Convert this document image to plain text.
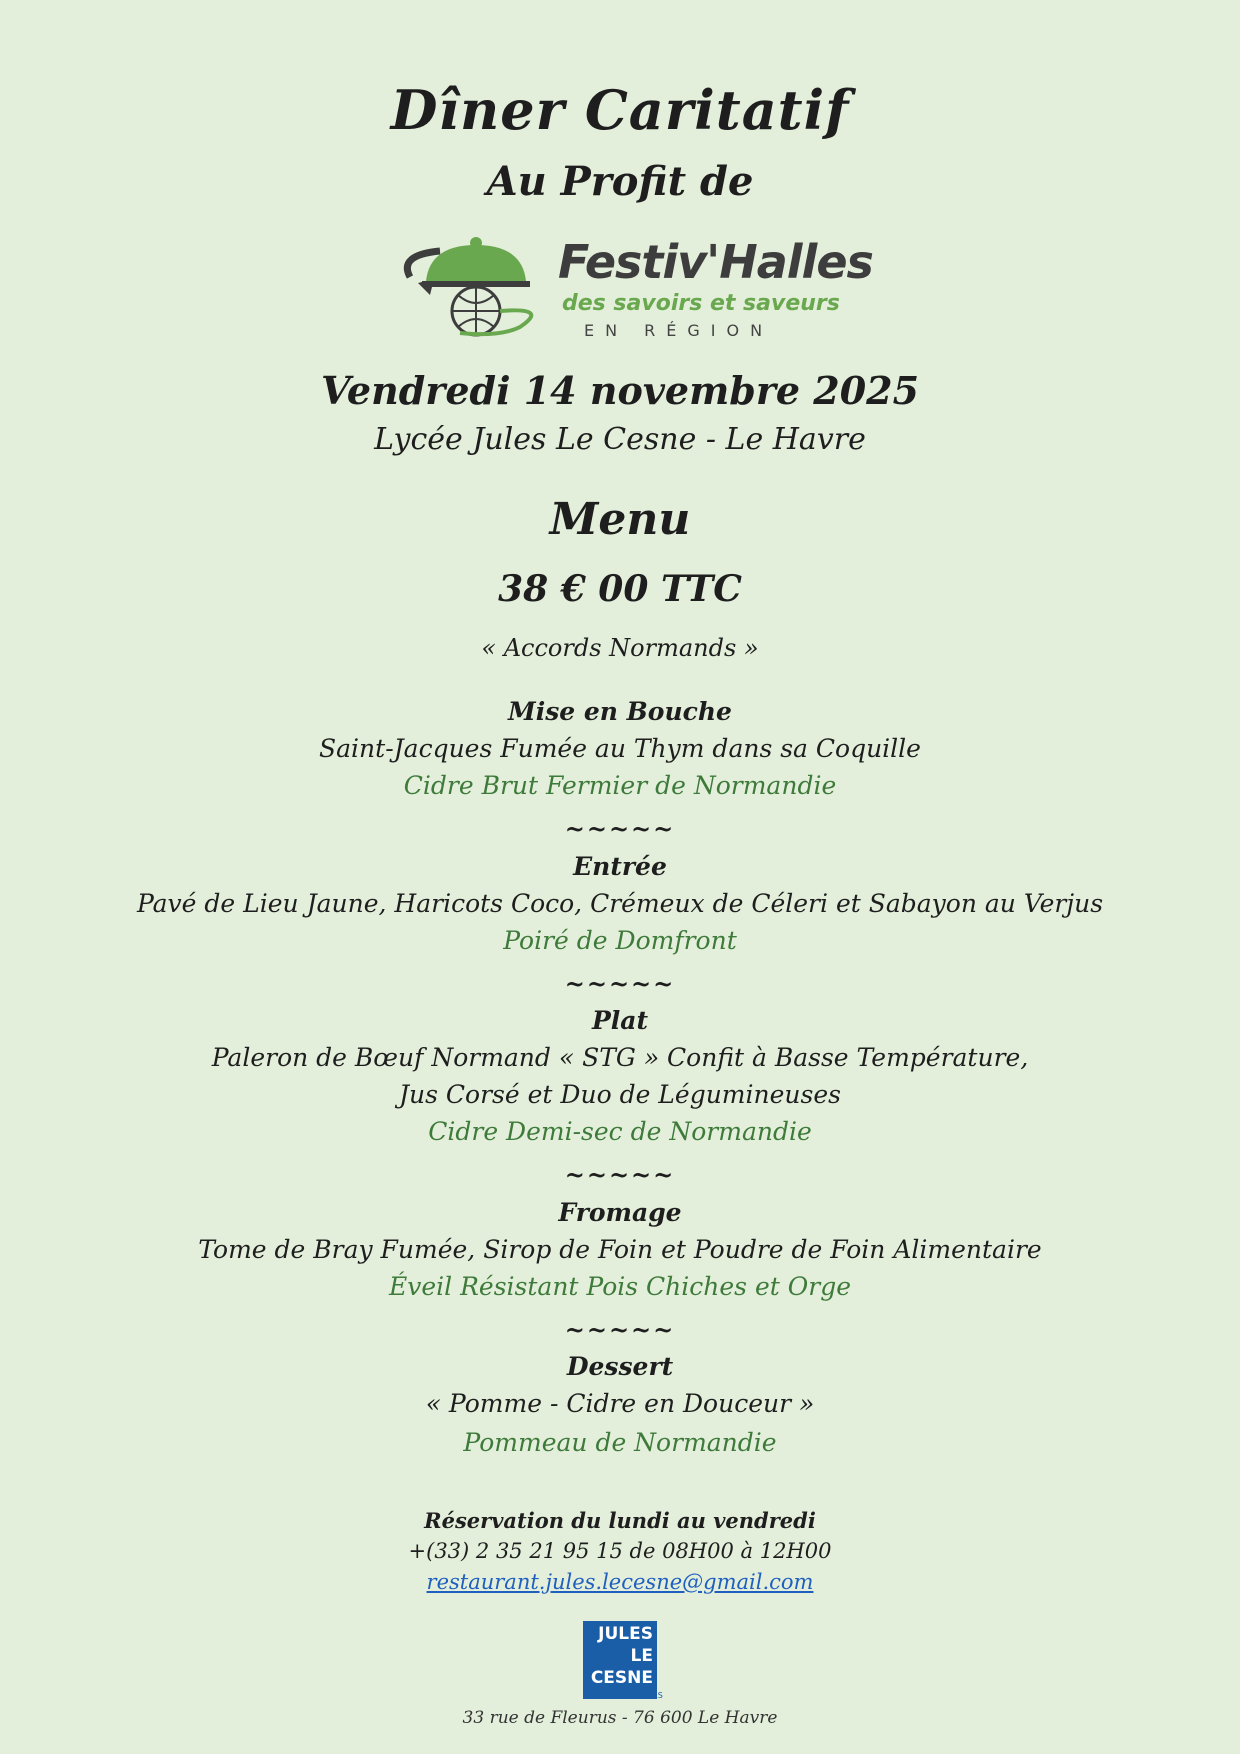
Dîner Caritatif
Au Profit de
Festiv'Halles
des savoirs et saveurs
EN RÉGION
Vendredi 14 novembre 2025
Lycée Jules Le Cesne - Le Havre
Menu
38 € 00 TTC
« Accords Normands »
Mise en Bouche
Saint-Jacques Fumée au Thym dans sa Coquille
Cidre Brut Fermier de Normandie
~~~~~
Entrée
Pavé de Lieu Jaune, Haricots Coco, Crémeux de Céleri et Sabayon au Verjus
Poiré de Domfront
~~~~~
Plat
Paleron de Bœuf Normand « STG » Confit à Basse Température,
Jus Corsé et Duo de Légumineuses
Cidre Demi-sec de Normandie
~~~~~
Fromage
Tome de Bray Fumée, Sirop de Foin et Poudre de Foin Alimentaire
Éveil Résistant Pois Chiches et Orge
~~~~~
Dessert
« Pomme - Cidre en Douceur »
Pommeau de Normandie
Réservation du lundi au vendredi
+(33) 2 35 21 95 15 de 08H00 à 12H00
restaurant.jules.lecesne@gmail.com
JULES
LE
CESNE
LYCÉE DES MÉTIERS
33 rue de Fleurus - 76 600 Le Havre
